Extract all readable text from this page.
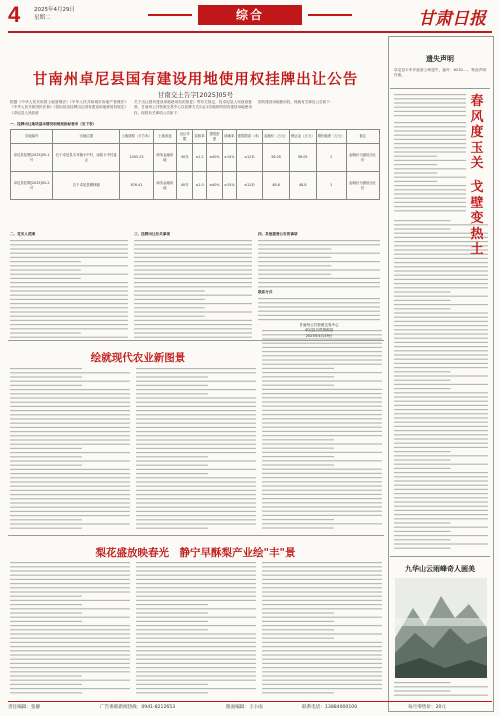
4	2025年4月29日
星期二	综合	甘肃日报
甘南州卓尼县国有建设用地使用权挂牌出让公告
甘南交土告字[2025]05号
根据《中华人民共和国土地管理法》《中华人民共和城市房地产管理法》《中华人民共和国民法典》《招标拍卖挂牌出让国有建设用地使用权规定》《卓尼县人民政府
关于出让国有建设用地使用权的批复》等有关规定，经卓尼县人民政府批准，甘南州公共资源交易中心以挂牌方式出让2宗地块的国有建设用地使用权，现将有关事项公告如下：
国有建设用地使用权，现就有关事宜公告如下：
一、挂牌出让地块基本情况和规划指标要求（见下表）
宗地编号	宗地位置	土地面积（平方米）	土地用途	出让年限	容积率	建筑密度	绿地率	建筑限高（米）	起始价（万元）	保证金（万元）	增价幅度（万元）	备注
卓尼县挂牌[2025]05-1号	位于卓尼县木耳镇卡中村，南临卡中村委会	1005.23	商务金融用地	40年	≤1.2	≤40%	≥15%	≤12米	56.05	56.05	1	起始价为最低出让价
卓尼县挂牌[2025]05-2号	位于卓尼县柳林镇	876.41	商务金融用地	40年	≤1.0	≤40%	≥15%	≤12米	48.8	48.8	1	起始价为最低出让价
二、竞买人范围	三、挂牌出让有关事项	四、其他需要公告的事项
联系方式
甘南州公共资源交易中心
卓尼县自然资源局
2025年4月29日
绘就现代农业新图景
梨花盛放映春光　静宁早酥梨产业绘"丰"景
遗失声明
卓尼县卡车乡政府公章遗失，编号：6230....，特此声明作废。
春风度玉关
戈壁变热土
九华山云雨峰奇人画美
责任编辑：张静	广告垂联新闻热线：0941-8212653	版面编辑：王小雨	联系电话：13884000100	每月零售价：20元
